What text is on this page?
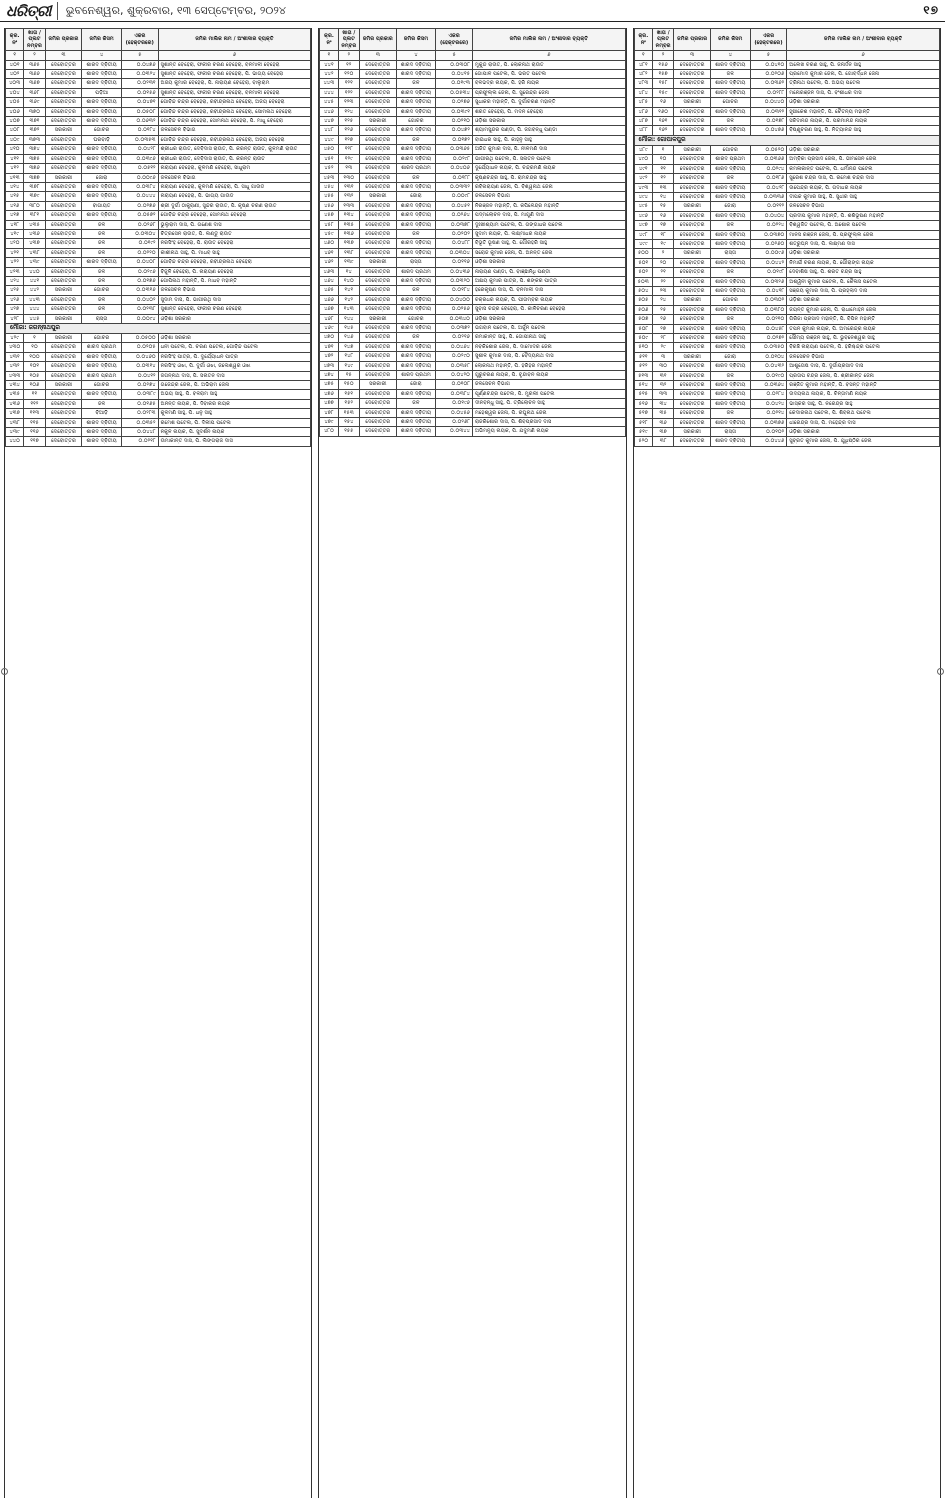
ଧରିତ୍ରୀ	ଭୁବନେଶ୍ୱର, ଶୁକ୍ରବାର, ୧୩ ସେପ୍ଟେମ୍ବର, ୨୦୨୪	୧୭
କ୍ର.ନଂ	ଖାତା / ପ୍ଲଟ ନମ୍ବର	ଜମିର ପ୍ରକାର	ଜମିର କିସମ	ଏକର (ହେକ୍ଟରରେ)	ଜମିର ମାଲିକ ନାମ / ଅଂଶୀଦାର ବ୍ୟକ୍ତି
୧	୨	୩	୪	୫	୬
୪୦୧	୩୬୫	ଦେବୋତ୍ତର	ଶାରଦ ଦ୍ଵିତୀୟ	୦.୦୪୭୬	ସୁଶାନ୍ତ ବେହେରା, ଫକୀର ଚରଣ ବେହେରା, ବନମାଳୀ ବେହେରା
୪୦୨	୩୬୬	ଦେବୋତ୍ତର	ଶାରଦ ଦ୍ଵିତୀୟ	୦.୦୩୨୪	ସୁଶାନ୍ତ ବେହେରା, ଫକୀର ଚରଣ ବେହେରା, ପି. ଭାଗ୍ୟ ବେହେରା
୪୦୩	୩୬୭	ଦେବୋତ୍ତର	ଶାରଦ ଦ୍ଵିତୀୟ	୦.୦୨୩୧	ଅଜୟ କୁମାର ବେହେରା, ପି. ନାରାୟଣ ବେହେରା, ବାଲୁରାମ
୪୦୪	୩୬୮	ଦେବୋତ୍ତର	ପଡ଼ିଆ	୦.୦୧୫୬	ସୁଶାନ୍ତ ବେହେରା, ଫକୀର ଚରଣ ବେହେରା, ବନମାଳୀ ବେହେରା
୪୦୫	୩୬୯	ଦେବୋତ୍ତର	ଶାରଦ ଦ୍ଵିତୀୟ	୦.୦୪୭୧	ଗୋବିନ୍ଦ ଚନ୍ଦ୍ର ବେହେରା, ରବୀନ୍ଦ୍ରନାଥ ବେହେରା, ଅଜୟ ବେହେରା
୪୦୬	୩୭୦	ଦେବୋତ୍ତର	ଶାରଦ ଦ୍ଵିତୀୟ	୦.୦୫୦୮	ଗୋବିନ୍ଦ ଚନ୍ଦ୍ର ବେହେରା, ରବୀନ୍ଦ୍ରନାଥ ବେହେରା, ସୋମନାଥ ବେହେରା
୪୦୭	୩୭୧	ଦେବୋତ୍ତର	ଶାରଦ ଦ୍ଵିତୀୟ	୦.୦୬୩୨	ଗୋବିନ୍ଦ ଚନ୍ଦ୍ର ବେହେରା, ସୋମନାଥ ବେହେରା, ପି. ମାଧୁ ବେହେରା
୪୦୮	୩୭୨	ସରକାରୀ	ଗୋଚର	୦.୦୧୮୪	ଜଳସେଚନ ବିଭାଗ
୪୦୯	୩୭୩	ଦେବୋତ୍ତର	ଘରବାଡ଼ି	୦.୦୩୫୩	ଗୋବିନ୍ଦ ଚନ୍ଦ୍ର ବେହେରା, ରବୀନ୍ଦ୍ରନାଥ ବେହେରା, ଅଜୟ ବେହେରା
୪୧୦	୩୭୪	ଦେବୋତ୍ତର	ଶାରଦ ଦ୍ଵିତୀୟ	୦.୦୪୨୮	ଶ୍ରୀଧର ରାଉତ, ଦେବିଦାସ ରାଉତ, ପି. କରନ୍ତ ରାଉତ, କୁଳମଣି ରାଉତ
୪୧୧	୩୭୫	ଦେବୋତ୍ତର	ଶାରଦ ଦ୍ଵିତୀୟ	୦.୦୩୯୬	ଶ୍ରୀଧର ରାଉତ, ଦେବିଦାସ ରାଉତ, ପି. କରନ୍ତ ରାଉତ
୪୧୨	୩୭୬	ଦେବୋତ୍ତର	ଶାରଦ ଦ୍ଵିତୀୟ	୦.୦୫୧୨	ନାରାୟଣ ବେହେରା, କୁଳମଣି ବେହେରା, ସାଧୁରାମ
୪୧୩	୩୭୭	ସରକାରୀ	ଜୋରା	୦.୦୦୯୬	ଜଳସେଚନ ବିଭାଗ
୪୧୪	୩୭୮	ଦେବୋତ୍ତର	ଶାରଦ ଦ୍ଵିତୀୟ	୦.୦୩୮୪	ନାରାୟଣ ବେହେରା, କୁଳମଣି ବେହେରା, ପି. ସାଧୁ ଗାଉଡ
୪୧୫	୩୭୯	ଦେବୋତ୍ତର	ଶାରଦ ଦ୍ଵିତୀୟ	୦.୦୪୪୪	ନାରାୟଣ ବେହେରା, ପି. ଭାଗ୍ୟ ଗାଉଡ
୪୧୬	୩୮୦	ଦେବୋତ୍ତର	ବାଗାୟତ	୦.୦୨୭୬	ଶ୍ରୀ ଦୁର୍ଗା ଠାକୁରାଣୀ, ସୁନ୍ଦର ରାଉତ, ପି. କୃଷ୍ଣ ଚରଣ ରାଉତ
୪୧୭	୩୮୧	ଦେବୋତ୍ତର	ଶାରଦ ଦ୍ଵିତୀୟ	୦.୦୫୭୨	ଗୋବିନ୍ଦ ଚନ୍ଦ୍ର ବେହେରା, ସୋମନାଥ ବେହେରା
୪୧୮	୪୩୫	ଦେବୋତ୍ତର	ଜଳ	୦.୦୨୬୮	ଭୁଲୁରାମ ଦାସ, ପି. ଗଣେଶ ଦାସ
୪୧୯	୪୩୬	ଦେବୋତ୍ତର	ଜଳ	୦.୦୩୦୪	ଚିତ୍ରସେନ ରାଉତ, ପି. ଲଣ୍ଡୁ ରାଉତ
୪୨୦	୪୩୭	ଦେବୋତ୍ତର	ଜଳ	୦.୦୧୯୨	ନରସିଂହ ବେହେରା, ପି. ରାଉତ ବେହେରା
୪୨୧	୪୩୮	ଦେବୋତ୍ତର	ଜଳ	୦.୦୨୨୦	କାଶୀନାଥ ସାହୁ, ପି. ମାଧବ ସାହୁ
୪୨୨	୪୩୯	ଦେବୋତ୍ତର	ଶାରଦ ଦ୍ଵିତୀୟ	୦.୦୪୦୮	ଗୋବିନ୍ଦ ଚନ୍ଦ୍ର ବେହେରା, ରବୀନ୍ଦ୍ରନାଥ ବେହେରା
୪୨୩	୪୪୦	ଦେବୋତ୍ତର	ଜଳ	୦.୦୨୯୬	ବିଜୁଳି ବେହେରା, ପି. ନାରାୟଣ ବେହେରା
୪୨୪	୪୪୧	ଦେବୋତ୍ତର	ଜଳ	୦.୦୧୭୬	ଗୋପିନାଥ ମହାନ୍ତି, ପି. ମାଧବ ମହାନ୍ତି
୪୨୫	୪୪୨	ସରକାରୀ	ଗୋଚର	୦.୦୩୧୬	ଜଳସେଚନ ବିଭାଗ
୪୨୬	୪୪୩	ଦେବୋତ୍ତର	ଜଳ	୦.୦୪୦୨	ସୁଦାମ ଦାସ, ପି. ଭାଗୀରଥି ଦାସ
୪୨୭	୪୪୪	ଦେବୋତ୍ତର	ଜଳ	୦.୦୨୩୮	ସୁଶାନ୍ତ ବେହେରା, ଫକୀର ଚରଣ ବେହେରା
୪୨୮	୪୪୫	ସରକାରୀ	ରାସ୍ତା	୦.୦୦୯୪	ଓଡ଼ିଶା ସରକାର
ମୌଜା: ଜଗନ୍ନାଥପୁର					
୪୨୯	୧	ସରକାରୀ	ଗୋଚର	୦.୦୫୦୦	ଓଡ଼ିଶା ସରକାର
୪୩୦	୧୦	ଦେବୋତ୍ତର	ଶାରଦ ପ୍ରଥମ	୦.୦୨୦୫	ଧନୀ ପଟେଲ, ପି. ଚରଣ ପଟେଲ, ଗୋବିନ୍ଦ ପଟେଲ
୪୩୧	୧୦୦	ଦେବୋତ୍ତର	ଶାରଦ ଦ୍ଵିତୀୟ	୦.୦୪୬୦	ନରସିଂହ ପାତ୍ର, ପି. ଦୁର୍ଯ୍ୟୋଧନ ପାତ୍ର
୪୩୨	୧୦୧	ଦେବୋତ୍ତର	ଶାରଦ ଦ୍ଵିତୀୟ	୦.୦୩୧୪	ନରସିଂହ ଓଝା, ପି. ଦୁର୍ଗା ଓଝା, ଜଲେଶ୍ୱର ଓଝା
୪୩୩	୧୦୫	ଦେବୋତ୍ତର	ଶାରଦ ପ୍ରଥମ	୦.୦୪୧୨	ଜଗନ୍ନାଥ ଦାସ, ପି. ସନାତନ ଦାସ
୪୩୪	୧୦୬	ସରକାରୀ	ଗୋଚର	୦.୦୨୭୪	ଗଜେନ୍ଦ୍ର ଜେନା, ପି. ଅଭିରାମ ଜେନା
୪୩୫	୧୧	ଦେବୋତ୍ତର	ଶାରଦ ଦ୍ଵିତୀୟ	୦.୦୩୮୯	ଅଭୟ ସାହୁ, ପି. ବଳରାମ ସାହୁ
୪୩୬	୧୧୨	ଦେବୋତ୍ତର	ଜଳ	୦.୦୧୬୫	ଅନନ୍ତ ନାୟକ, ପି. ଦିବାକର ନାୟକ
୪୩୭	୧୧୩	ଦେବୋତ୍ତର	ବିଆଡ଼ି	୦.୦୨୮୩	କୁଳମଣି ସାହୁ, ପି. ଧନୁ ସାହୁ
୪୩୮	୧୧୫	ଦେବୋତ୍ତର	ଶାରଦ ଦ୍ଵିତୀୟ	୦.୦୩୫୨	ରମେଶ ପଟେଲ, ପି. ଦିଲୀପ ପଟେଲ
୪୩୯	୧୧୬	ଦେବୋତ୍ତର	ଶାରଦ ଦ୍ଵିତୀୟ	୦.୦୪୪୮	ନକୁଳ ନାୟକ, ପି. ସୁଦର୍ଶନ ନାୟକ
୪୪୦	୧୧୭	ଦେବୋତ୍ତର	ଶାରଦ ଦ୍ଵିତୀୟ	୦.୦୨୧୮	ଉମାକାନ୍ତ ଦାସ, ପି. ଲିଙ୍ଗରାଜ ଦାସ
କ୍ର.ନଂ	ଖାତା / ପ୍ଲଟ ନମ୍ବର	ଜମିର ପ୍ରକାର	ଜମିର କିସମ	ଏକର (ହେକ୍ଟରରେ)	ଜମିର ମାଲିକ ନାମ / ଅଂଶୀଦାର ବ୍ୟକ୍ତି
୧	୨	୩	୪	୫	୬
୪୪୧	୧୨	ଦେବୋତ୍ତର	ଶାରଦ ଦ୍ଵିତୀୟ	୦.୦୩୦୮	ମୁକୁନ୍ଦ ରାଉତ, ପି. ଲୋକନାଥ ରାଉତ
୪୪୨	୧୨୦	ଦେବୋତ୍ତର	ଶାରଦ ଦ୍ଵିତୀୟ	୦.୦୪୧୫	ଗୋପାଳ ପଟେଲ, ପି. ଭରତ ପଟେଲ
୪୪୩	୧୨୧	ଦେବୋତ୍ତର	ଜଳ	୦.୦୧୯୩	ବଳଭଦ୍ର ନାୟକ, ପି. ହରି ନାୟକ
୪୪୪	୧୨୨	ଦେବୋତ୍ତର	ଶାରଦ ଦ୍ଵିତୀୟ	୦.୦୫୩୪	ପ୍ରଫୁଲ୍ଲ ଜେନା, ପି. ସୁରେନ୍ଦ୍ର ଜେନା
୪୪୫	୧୨୩	ଦେବୋତ୍ତର	ଶାରଦ ଦ୍ଵିତୀୟ	୦.୦୨୭୬	ସୁଧାକର ମହାନ୍ତି, ପି. ଦୁର୍ଗାଚରଣ ମହାନ୍ତି
୪୪୬	୧୨୪	ଦେବୋତ୍ତର	ଶାରଦ ଦ୍ଵିତୀୟ	୦.୦୩୯୧	ଶରତ ବେହେରା, ପି. ମଦନ ବେହେରା
୪୪୭	୧୨୫	ସରକାରୀ	ଗୋଚର	୦.୦୨୧୦	ଓଡ଼ିଶା ସରକାର
୪୪୮	୧୨୬	ଦେବୋତ୍ତର	ଶାରଦ ଦ୍ଵିତୀୟ	୦.୦୪୭୨	ଶ୍ୟାମସୁନ୍ଦର ପଣ୍ଡା, ପି. ଜଗବନ୍ଧୁ ପଣ୍ଡା
୪୪୯	୧୨୭	ଦେବୋତ୍ତର	ଜଳ	୦.୦୧୭୨	ବାଇଧର ସାହୁ, ପି. କାହ୍ନୁ ସାହୁ
୪୫୦	୧୨୮	ଦେବୋତ୍ତର	ଶାରଦ ଦ୍ଵିତୀୟ	୦.୦୩୬୫	ଅଜିତ କୁମାର ଦାସ, ପି. ନୀଳମଣି ଦାସ
୪୫୧	୧୨୯	ଦେବୋତ୍ତର	ଶାରଦ ଦ୍ଵିତୀୟ	୦.୦୨୯୮	ଭାଗୀରଥି ପଟେଲ, ପି. ସନାତନ ପଟେଲ
୪୫୨	୧୩	ଦେବୋତ୍ତର	ଶାରଦ ପ୍ରଥମ	୦.୦୪୦୬	ଦୁର୍ଯ୍ୟୋଧନ ନାୟକ, ପି. ଚନ୍ଦ୍ରମଣି ନାୟକ
୪୫୩	୧୩୦	ଦେବୋତ୍ତର	ଜଳ	୦.୦୧୮୮	କୃଷ୍ଣଚନ୍ଦ୍ର ସାହୁ, ପି. ରାମଚନ୍ଦ୍ର ସାହୁ
୪୫୪	୧୩୧	ଦେବୋତ୍ତର	ଶାରଦ ଦ୍ଵିତୀୟ	୦.୦୩୩୨	ରବିନାରାୟଣ ଜେନା, ପି. ବିଶ୍ୱନାଥ ଜେନା
୪୫୫	୧୩୨	ସରକାରୀ	ଜୋରା	୦.୦୦୯୮	ଜଳସେଚନ ବିଭାଗ
୪୫୬	୧୩୩	ଦେବୋତ୍ତର	ଶାରଦ ଦ୍ଵିତୀୟ	୦.୦୪୫୧	ନିରଞ୍ଜନ ମହାନ୍ତି, ପି. କପିଳେନ୍ଦ୍ର ମହାନ୍ତି
୪୫୭	୧୩୪	ଦେବୋତ୍ତର	ଶାରଦ ଦ୍ଵିତୀୟ	୦.୦୨୬୪	ପଦ୍ମଲୋଚନ ଦାସ, ପି. ମାଗୁଣି ଦାସ
୪୫୮	୧୩୫	ଦେବୋତ୍ତର	ଶାରଦ ଦ୍ଵିତୀୟ	୦.୦୩୭୮	ଦୁଃଖୀଶ୍ୟାମ ପଟେଲ, ପି. ଗଙ୍ଗାଧର ପଟେଲ
୪୫୯	୧୩୬	ଦେବୋତ୍ତର	ଜଳ	୦.୦୨୦୨	ସୁଦାମ ନାୟକ, ପି. ଲକ୍ଷ୍ମୀଧର ନାୟକ
୪୬୦	୧୩୭	ଦେବୋତ୍ତର	ଶାରଦ ଦ୍ଵିତୀୟ	୦.୦୪୮୮	ବିଭୂତି ଭୂଷଣ ସାହୁ, ପି. ଗୌରହରି ସାହୁ
୪୬୧	୧୩୮	ଦେବୋତ୍ତର	ଶାରଦ ଦ୍ଵିତୀୟ	୦.୦୩୦୪	ସରୋଜ କୁମାର ଜେନା, ପି. ଅନନ୍ତ ଜେନା
୪୬୨	୧୩୯	ସରକାରୀ	ରାସ୍ତା	୦.୦୧୧୬	ଓଡ଼ିଶା ସରକାର
୪୬୩	୧୪	ଦେବୋତ୍ତର	ଶାରଦ ପ୍ରଥମ	୦.୦୪୩୬	ନାରାୟଣ ପଣ୍ଡା, ପି. ବାଞ୍ଛାନିଧି ପଣ୍ଡା
୪୬୪	୧୪୦	ଦେବୋତ୍ତର	ଶାରଦ ଦ୍ଵିତୀୟ	୦.୦୩୨୦	ଅକ୍ଷୟ କୁମାର ପାତ୍ର, ପି. ଶଙ୍କର ପାତ୍ର
୪୬୫	୧୪୧	ଦେବୋତ୍ତର	ଜଳ	୦.୦୧୮୪	ହରେକୃଷ୍ଣ ଦାସ, ପି. ବନମାଳୀ ଦାସ
୪୬୬	୧୪୨	ଦେବୋତ୍ତର	ଶାରଦ ଦ୍ଵିତୀୟ	୦.୦୪୦୦	ଚକ୍ରଧର ନାୟକ, ପି. ପୀତାମ୍ବର ନାୟକ
୪୬୭	୧୪୩	ଦେବୋତ୍ତର	ଶାରଦ ଦ୍ଵିତୀୟ	୦.୦୨୫୬	ସୁବାସ ଚନ୍ଦ୍ର ବେହେରା, ପି. କାଳିଚରଣ ବେହେରା
୪୬୮	୧୪୪	ସରକାରୀ	ଗୋଚର	୦.୦୩୪୦	ଓଡ଼ିଶା ସରକାର
୪୬୯	୧୪୫	ଦେବୋତ୍ତର	ଶାରଦ ଦ୍ଵିତୀୟ	୦.୦୩୭୨	ଭଗବାନ ପଟେଲ, ପି. ଅର୍ଜୁନ ପଟେଲ
୪୭୦	୧୪୬	ଦେବୋତ୍ତର	ଜଳ	୦.୦୨୧୬	ରମାକାନ୍ତ ସାହୁ, ପି. ଗୋପୀନାଥ ସାହୁ
୪୭୧	୧୪୭	ଦେବୋତ୍ତର	ଶାରଦ ଦ୍ଵିତୀୟ	୦.୦୪୬୪	ନବକିଶୋର ଜେନା, ପି. ଦାମୋଦର ଜେନା
୪୭୨	୧୪୮	ଦେବୋତ୍ତର	ଶାରଦ ଦ୍ଵିତୀୟ	୦.୦୨୯୦	ସୁଶୀଳ କୁମାର ଦାସ, ପି. ବୈଦ୍ୟନାଥ ଦାସ
୪୭୩	୧୪୯	ଦେବୋତ୍ତର	ଶାରଦ ଦ୍ଵିତୀୟ	୦.୦୩୫୮	ଲୋକନାଥ ମହାନ୍ତି, ପି. ହରିହର ମହାନ୍ତି
୪୭୪	୧୫	ଦେବୋତ୍ତର	ଶାରଦ ପ୍ରଥମ	୦.୦୪୨୦	ଗୁରୁଚରଣ ନାୟକ, ପି. ବୃନ୍ଦାବନ ନାୟକ
୪୭୫	୧୫୦	ସରକାରୀ	ଜୋରା	୦.୦୧୦୮	ଜଳସେଚନ ବିଭାଗ
୪୭୬	୧୫୧	ଦେବୋତ୍ତର	ଶାରଦ ଦ୍ଵିତୀୟ	୦.୦୩୮୪	ପୂର୍ଣ୍ଣଚନ୍ଦ୍ର ପଟେଲ, ପି. ମୁରଲୀ ପଟେଲ
୪୭୭	୧୫୨	ଦେବୋତ୍ତର	ଜଳ	୦.୦୧୯୬	ଦୀନବନ୍ଧୁ ସାହୁ, ପି. ତ୍ରିଲୋଚନ ସାହୁ
୪୭୮	୧୫୩	ଦେବୋତ୍ତର	ଶାରଦ ଦ୍ଵିତୀୟ	୦.୦୪୫୬	ମହେଶ୍ୱର ଜେନା, ପି. ରଘୁନାଥ ଜେନା
୪୭୯	୧୫୪	ଦେବୋତ୍ତର	ଶାରଦ ଦ୍ଵିତୀୟ	୦.୦୨୬୮	ରାଜକିଶୋର ଦାସ, ପି. ଶିବପ୍ରସାଦ ଦାସ
୪୮୦	୧୫୫	ଦେବୋତ୍ତର	ଶାରଦ ଦ୍ଵିତୀୟ	୦.୦୩୪୪	ଅଭିମନ୍ୟୁ ନାୟକ, ପି. ଯଦୁମଣି ନାୟକ
କ୍ର.ନଂ	ଖାତା / ପ୍ଲଟ ନମ୍ବର	ଜମିର ପ୍ରକାର	ଜମିର କିସମ	ଏକର (ହେକ୍ଟରରେ)	ଜମିର ମାଲିକ ନାମ / ଅଂଶୀଦାର ବ୍ୟକ୍ତି
୧	୨	୩	୪	୫	୬
୪୮୧	୧୫୬	ଦେବୋତ୍ତର	ଶାରଦ ଦ୍ଵିତୀୟ	୦.୦୪୧୦	ଅଲେଖ ଚରଣ ସାହୁ, ପି. ଜନାର୍ଦ୍ଦନ ସାହୁ
୪୮୨	୧୫୭	ଦେବୋତ୍ତର	ଜଳ	୦.୦୨୦୬	ପ୍ରମୋଦ କୁମାର ଜେନା, ପି. ଗୋବର୍ଦ୍ଧନ ଜେନା
୪୮୩	୧୫୮	ଦେବୋତ୍ତର	ଶାରଦ ଦ୍ଵିତୀୟ	୦.୦୩୬୨	ତ୍ରିନାଥ ପଟେଲ, ପି. ଅଭୟ ପଟେଲ
୪୮୪	୧୫୯	ଦେବୋତ୍ତର	ଶାରଦ ଦ୍ଵିତୀୟ	୦.୦୨୮୮	ମନୋରଞ୍ଜନ ଦାସ, ପି. ବଂଶୀଧର ଦାସ
୪୮୫	୧୬	ସରକାରୀ	ଗୋଚର	୦.୦୪୪୦	ଓଡ଼ିଶା ସରକାର
୪୮୬	୧୬୦	ଦେବୋତ୍ତର	ଶାରଦ ଦ୍ଵିତୀୟ	୦.୦୩୧୨	ହୃଷୀକେଶ ମହାନ୍ତି, ପି. ଚୈତନ୍ୟ ମହାନ୍ତି
୪୮୭	୧୬୧	ଦେବୋତ୍ତର	ଜଳ	୦.୦୧୭୮	ସଚ୍ଚିଦାନନ୍ଦ ନାୟକ, ପି. ପରମାନନ୍ଦ ନାୟକ
୪୮୮	୧୬୨	ଦେବୋତ୍ତର	ଶାରଦ ଦ୍ଵିତୀୟ	୦.୦୪୭୬	ବିଷ୍ଣୁଚରଣ ସାହୁ, ପି. ନିତ୍ୟାନନ୍ଦ ସାହୁ
ମୌଜା: ଗୋପାଳପୁର					
୪୮୯	୧	ସରକାରୀ	ଗୋଚର	୦.୦୫୨୦	ଓଡ଼ିଶା ସରକାର
୪୯୦	୧୦	ଦେବୋତ୍ତର	ଶାରଦ ପ୍ରଥମ	୦.୦୩୬୬	ଅମ୍ବିକା ପ୍ରସାଦ ଜେନା, ପି. ଭୀମସେନ ଜେନା
୪୯୧	୧୧	ଦେବୋତ୍ତର	ଶାରଦ ଦ୍ଵିତୀୟ	୦.୦୨୯୪	କମଳାକାନ୍ତ ପଟେଲ, ପି. ଧର୍ମାନନ୍ଦ ପଟେଲ
୪୯୨	୧୨	ଦେବୋତ୍ତର	ଜଳ	୦.୦୧୮୬	ସୁରେଶ ଚନ୍ଦ୍ର ଦାସ, ପି. ରମେଶ ଚନ୍ଦ୍ର ଦାସ
୪୯୩	୧୩	ଦେବୋତ୍ତର	ଶାରଦ ଦ୍ଵିତୀୟ	୦.୦୪୨୮	ଉପେନ୍ଦ୍ର ନାୟକ, ପି. ଗଦାଧର ନାୟକ
୪୯୪	୧୪	ଦେବୋତ୍ତର	ଶାରଦ ଦ୍ଵିତୀୟ	୦.୦୩୩୬	ଦୀପକ କୁମାର ସାହୁ, ପି. ସୁଧୀର ସାହୁ
୪୯୫	୧୫	ସରକାରୀ	ଜୋରା	୦.୦୧୧୨	ଜଳସେଚନ ବିଭାଗ
୪୯୬	୧୬	ଦେବୋତ୍ତର	ଶାରଦ ଦ୍ଵିତୀୟ	୦.୦୪୦୪	ପ୍ରଦୀପ କୁମାର ମହାନ୍ତି, ପି. ଶଶିଭୂଷଣ ମହାନ୍ତି
୪୯୭	୧୭	ଦେବୋତ୍ତର	ଜଳ	୦.୦୨୨୪	ବିଶ୍ୱଜିତ ପଟେଲ, ପି. ଅଶୋକ ପଟେଲ
୪୯୮	୧୮	ଦେବୋତ୍ତର	ଶାରଦ ଦ୍ଵିତୀୟ	୦.୦୩୭୦	ମାନସ ରଞ୍ଜନ ଜେନା, ପି. ପ୍ରଫୁଲ୍ଲ ଜେନା
୪୯୯	୧୯	ଦେବୋତ୍ତର	ଶାରଦ ଦ୍ଵିତୀୟ	୦.୦୨୬୦	ଶତ୍ରୁଘ୍ନ ଦାସ, ପି. ଲକ୍ଷ୍ମଣ ଦାସ
୫୦୦	୨	ସରକାରୀ	ରାସ୍ତା	୦.୦୦୯୬	ଓଡ଼ିଶା ସରକାର
୫୦୧	୨୦	ଦେବୋତ୍ତର	ଶାରଦ ଦ୍ଵିତୀୟ	୦.୦୪୪୨	ନିମାଇଁ ଚରଣ ନାୟକ, ପି. ଗୌରାଙ୍ଗ ନାୟକ
୫୦୨	୨୧	ଦେବୋତ୍ତର	ଜଳ	୦.୦୧୯୮	ଦେବାଶିଷ ସାହୁ, ପି. ଶରତ ଚନ୍ଦ୍ର ସାହୁ
୫୦୩	୨୨	ଦେବୋତ୍ତର	ଶାରଦ ଦ୍ଵିତୀୟ	୦.୦୩୨୬	ଅଶ୍ୱିନୀ କୁମାର ପଟେଲ, ପି. କୈଳାସ ପଟେଲ
୫୦୪	୨୩	ଦେବୋତ୍ତର	ଶାରଦ ଦ୍ଵିତୀୟ	୦.୦୪୧୮	ସଞ୍ଜୟ କୁମାର ଦାସ, ପି. ପ୍ରହ୍ଲାଦ ଦାସ
୫୦୫	୨୪	ସରକାରୀ	ଗୋଚର	୦.୦୩୦୨	ଓଡ଼ିଶା ସରକାର
୫୦୬	୨୫	ଦେବୋତ୍ତର	ଶାରଦ ଦ୍ଵିତୀୟ	୦.୦୩୮୦	ଜୟନ୍ତ କୁମାର ଜେନା, ପି. ରାଧାମୋହନ ଜେନା
୫୦୭	୨୬	ଦେବୋତ୍ତର	ଜଳ	୦.୦୨୧୦	ଗିରିଜା ପ୍ରସାଦ ମହାନ୍ତି, ପି. ବିପିନ ମହାନ୍ତି
୫୦୮	୨୭	ଦେବୋତ୍ତର	ଶାରଦ ଦ୍ଵିତୀୟ	୦.୦୪୫୮	ତପନ କୁମାର ନାୟକ, ପି. ଅମରେନ୍ଦ୍ର ନାୟକ
୫୦୯	୨୮	ଦେବୋତ୍ତର	ଶାରଦ ଦ୍ଵିତୀୟ	୦.୦୨୭୨	ସୌମ୍ୟ ରଞ୍ଜନ ସାହୁ, ପି. ଭୁବନେଶ୍ୱର ସାହୁ
୫୧୦	୨୯	ଦେବୋତ୍ତର	ଶାରଦ ଦ୍ଵିତୀୟ	୦.୦୩୫୦	ବିରଞ୍ଚି ନାରାୟଣ ପଟେଲ, ପି. ହରିଶ୍ଚନ୍ଦ୍ର ପଟେଲ
୫୧୧	୩	ସରକାରୀ	ଜୋରା	୦.୦୧୦୪	ଜଳସେଚନ ବିଭାଗ
୫୧୨	୩୦	ଦେବୋତ୍ତର	ଶାରଦ ଦ୍ଵିତୀୟ	୦.୦୪୩୨	ଆଶୁତୋଷ ଦାସ, ପି. ଦୁର୍ଗାପ୍ରସାଦ ଦାସ
୫୧୩	୩୧	ଦେବୋତ୍ତର	ଜଳ	୦.୦୧୯୦	ପ୍ରତାପ ଚନ୍ଦ୍ର ଜେନା, ପି. ଶ୍ରୀକାନ୍ତ ଜେନା
୫୧୪	୩୨	ଦେବୋତ୍ତର	ଶାରଦ ଦ୍ଵିତୀୟ	୦.୦୩୬୪	ରଞ୍ଜିତ କୁମାର ମହାନ୍ତି, ପି. ବସନ୍ତ ମହାନ୍ତି
୫୧୫	୩୩	ଦେବୋତ୍ତର	ଶାରଦ ଦ୍ଵିତୀୟ	୦.୦୨୮୪	ଉଦୟନାଥ ନାୟକ, ପି. ଚିନ୍ତାମଣି ନାୟକ
୫୧୬	୩୪	ଦେବୋତ୍ତର	ଶାରଦ ଦ୍ଵିତୀୟ	୦.୦୪୨୪	ଭାସ୍କର ସାହୁ, ପି. ନରେନ୍ଦ୍ର ସାହୁ
୫୧୭	୩୫	ଦେବୋତ୍ତର	ଜଳ	୦.୦୨୧୪	କେଦାରନାଥ ପଟେଲ, ପି. ଶିବନାଥ ପଟେଲ
୫୧୮	୩୬	ଦେବୋତ୍ତର	ଶାରଦ ଦ୍ଵିତୀୟ	୦.୦୩୭୬	ଧୀରେନ୍ଦ୍ର ଦାସ, ପି. ମହେନ୍ଦ୍ର ଦାସ
୫୧୯	୩୭	ସରକାରୀ	ରାସ୍ତା	୦.୦୧୦୨	ଓଡ଼ିଶା ସରକାର
୫୨୦	୩୮	ଦେବୋତ୍ତର	ଶାରଦ ଦ୍ଵିତୀୟ	୦.୦୪୪୬	ସୁବ୍ରତ କୁମାର ଜେନା, ପି. ଯୁଧିଷ୍ଠିର ଜେନା
